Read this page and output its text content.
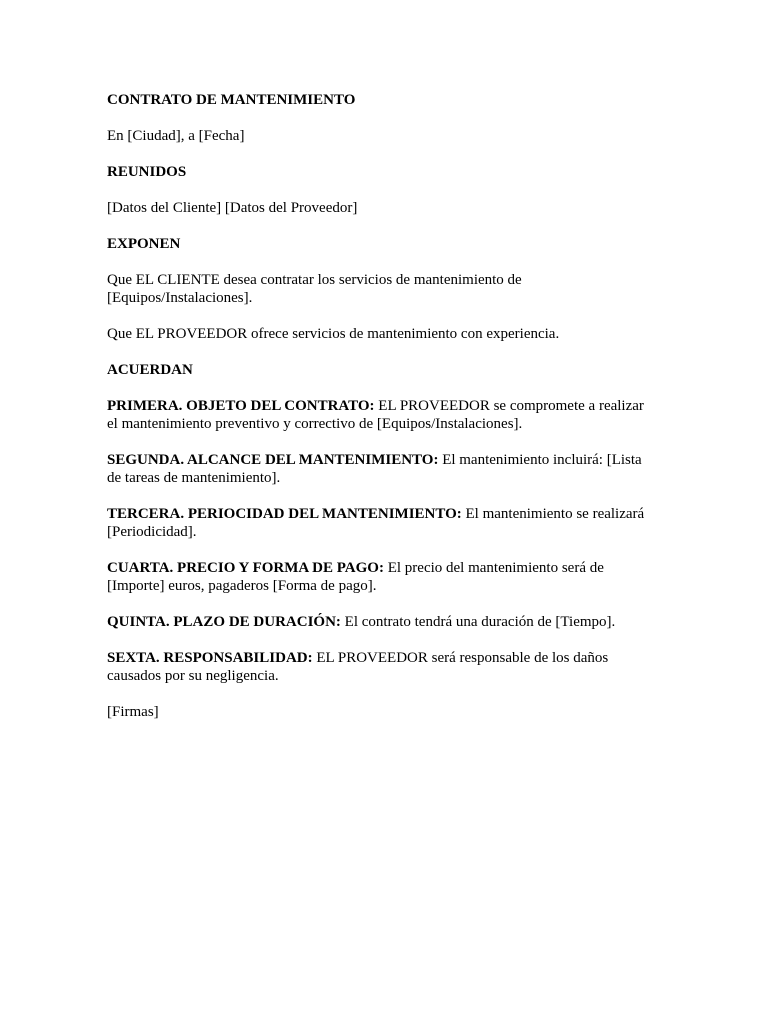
CONTRATO DE MANTENIMIENTO

En [Ciudad], a [Fecha]

REUNIDOS

[Datos del Cliente] [Datos del Proveedor]

EXPONEN

Que EL CLIENTE desea contratar los servicios de mantenimiento de [Equipos/Instalaciones].

Que EL PROVEEDOR ofrece servicios de mantenimiento con experiencia.

ACUERDAN

PRIMERA. OBJETO DEL CONTRATO: EL PROVEEDOR se compromete a realizar el mantenimiento preventivo y correctivo de [Equipos/Instalaciones].

SEGUNDA. ALCANCE DEL MANTENIMIENTO: El mantenimiento incluirá: [Lista de tareas de mantenimiento].

TERCERA. PERIOCIDAD DEL MANTENIMIENTO: El mantenimiento se realizará [Periodicidad].

CUARTA. PRECIO Y FORMA DE PAGO: El precio del mantenimiento será de [Importe] euros, pagaderos [Forma de pago].

QUINTA. PLAZO DE DURACIÓN: El contrato tendrá una duración de [Tiempo].

SEXTA. RESPONSABILIDAD: EL PROVEEDOR será responsable de los daños causados por su negligencia.

[Firmas]
